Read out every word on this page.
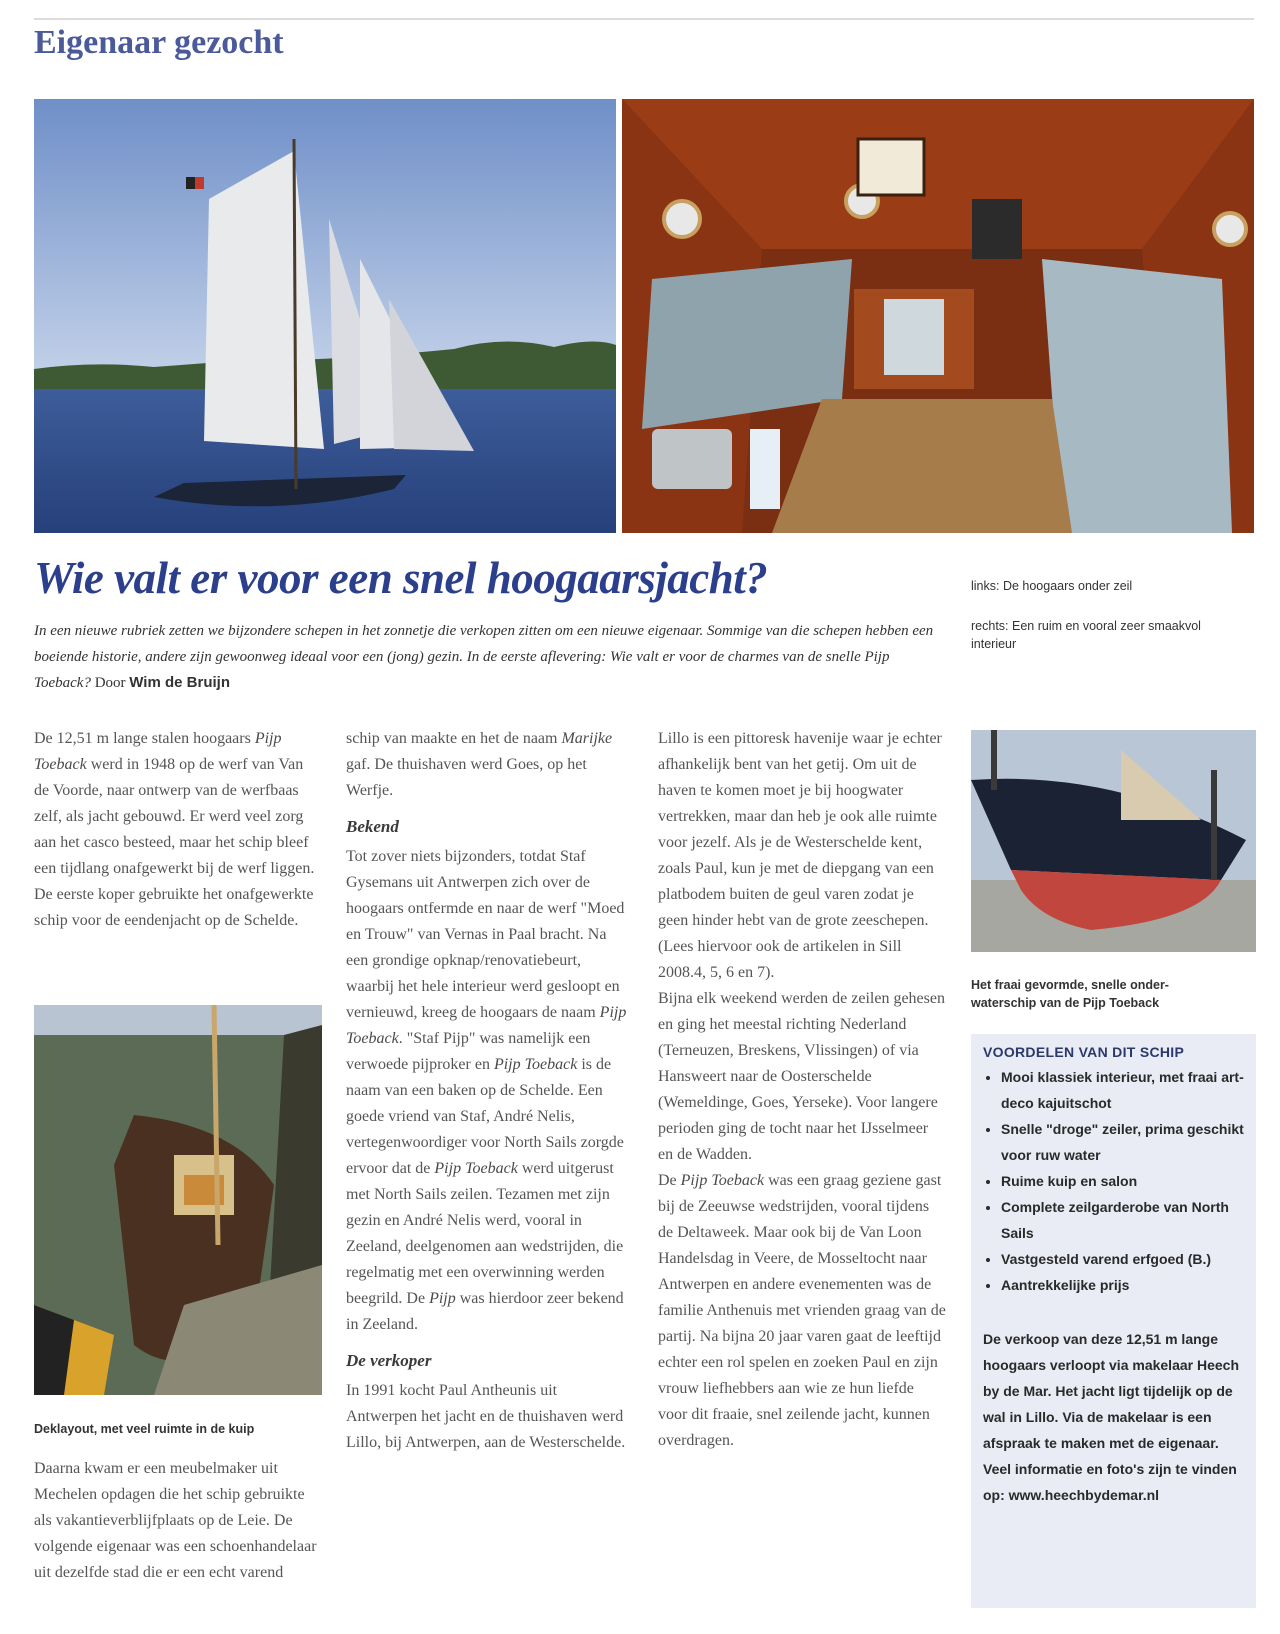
Eigenaar gezocht
Wie valt er voor een snel hoogaarsjacht?
In een nieuwe rubriek zetten we bijzondere schepen in het zonnetje die verkopen zitten om een nieuwe eigenaar. Sommige van die schepen hebben een boeiende historie, andere zijn gewoonweg ideaal voor een (jong) gezin. In de eerste aflevering: Wie valt er voor de charmes van de snelle Pijp Toeback? Door Wim de Bruijn
links: De hoogaars onder zeil
rechts: Een ruim en vooral zeer smaakvol interieur

De 12,51 m lange stalen hoogaars Pijp Toeback werd in 1948 op de werf van Van de Voorde, naar ontwerp van de werfbaas zelf, als jacht gebouwd. Er werd veel zorg aan het casco besteed, maar het schip bleef een tijdlang onafgewerkt bij de werf liggen. De eerste koper gebruikte het onafgewerkte schip voor de eendenjacht op de Schelde.

Deklayout, met veel ruimte in de kuip

Daarna kwam er een meubelmaker uit Mechelen opdagen die het schip gebruikte als vakantieverblijfplaats op de Leie. De volgende eigenaar was een schoenhandelaar uit dezelfde stad die er een echt varend

schip van maakte en het de naam Marijke gaf. De thuishaven werd Goes, op het Werfje.

Bekend

Tot zover niets bijzonders, totdat Staf Gysemans uit Antwerpen zich over de hoogaars ontfermde en naar de werf "Moed en Trouw" van Vernas in Paal bracht. Na een grondige opknap/renovatiebeurt, waarbij het hele interieur werd gesloopt en vernieuwd, kreeg de hoogaars de naam Pijp Toeback. "Staf Pijp" was namelijk een verwoede pijproker en Pijp Toeback is de naam van een baken op de Schelde. Een goede vriend van Staf, André Nelis, vertegenwoordiger voor North Sails zorgde ervoor dat de Pijp Toeback werd uitgerust met North Sails zeilen. Tezamen met zijn gezin en André Nelis werd, vooral in Zeeland, deelgenomen aan wedstrijden, die regelmatig met een overwinning werden beegrild. De Pijp was hierdoor zeer bekend in Zeeland.

De verkoper

In 1991 kocht Paul Antheunis uit Antwerpen het jacht en de thuishaven werd Lillo, bij Antwerpen, aan de Westerschelde.

Lillo is een pittoresk havenije waar je echter afhankelijk bent van het getij. Om uit de haven te komen moet je bij hoogwater vertrekken, maar dan heb je ook alle ruimte voor jezelf. Als je de Westerschelde kent, zoals Paul, kun je met de diepgang van een platbodem buiten de geul varen zodat je geen hinder hebt van de grote zeeschepen. (Lees hiervoor ook de artikelen in Sill 2008.4, 5, 6 en 7).

Bijna elk weekend werden de zeilen gehesen en ging het meestal richting Nederland (Terneuzen, Breskens, Vlissingen) of via Hansweert naar de Oosterschelde (Wemeldinge, Goes, Yerseke). Voor langere perioden ging de tocht naar het IJsselmeer en de Wadden.

De Pijp Toeback was een graag geziene gast bij de Zeeuwse wedstrijden, vooral tijdens de Deltaweek. Maar ook bij de Van Loon Handelsdag in Veere, de Mosseltocht naar Antwerpen en andere evenementen was de familie Anthenuis met vrienden graag van de partij. Na bijna 20 jaar varen gaat de leeftijd echter een rol spelen en zoeken Paul en zijn vrouw liefhebbers aan wie ze hun liefde voor dit fraaie, snel zeilende jacht, kunnen overdragen.

Het fraai gevormde, snelle onder-waterschip van de Pijp Toeback
VOORDELEN VAN DIT SCHIP
• Mooi klassiek interieur, met fraai art-deco kajuitschot
• Snelle "droge" zeiler, prima geschikt voor ruw water
• Ruime kuip en salon
• Complete zeilgarderobe van North Sails
• Vastgesteld varend erfgoed (B.)
• Aantrekkelijke prijs
De verkoop van deze 12,51 m lange hoogaars verloopt via makelaar Heech by de Mar. Het jacht ligt tijdelijk op de wal in Lillo. Via de makelaar is een afspraak te maken met de eigenaar. Veel informatie en foto's zijn te vinden op: www.heechbydemar.nl
